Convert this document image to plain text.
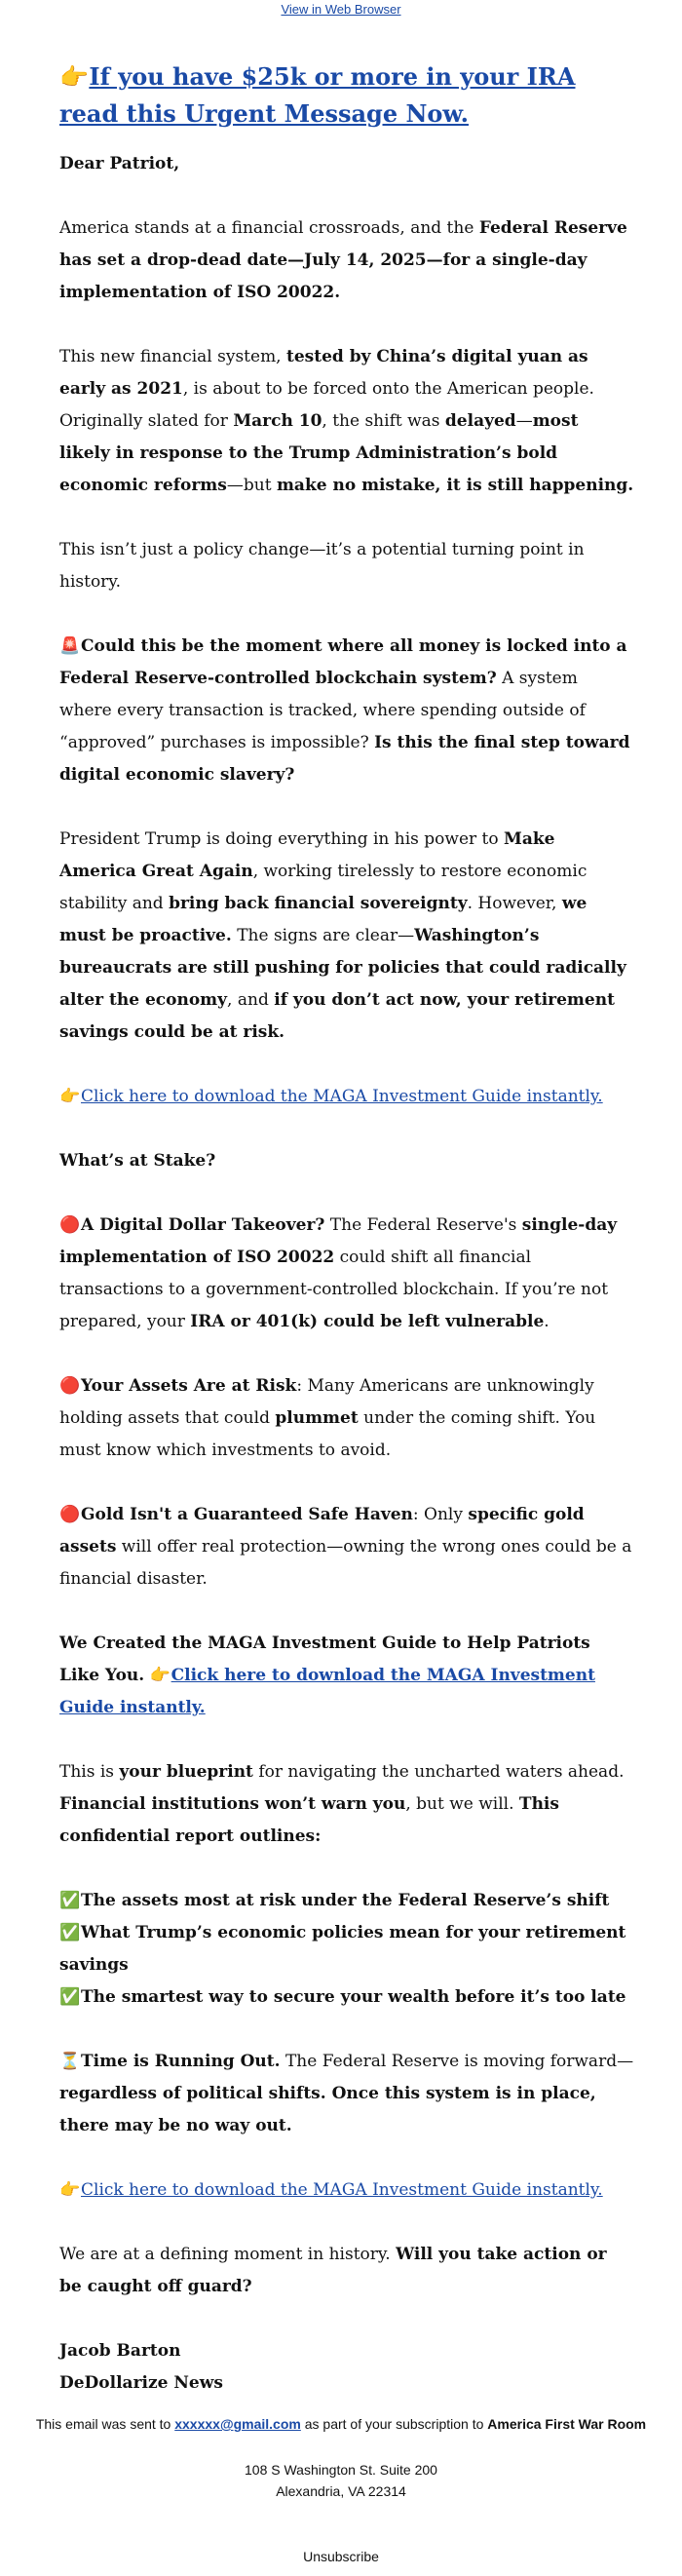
View in Web Browser
👉 If you have $25k or more in your IRA read this Urgent Message Now.

Dear Patriot,

America stands at a financial crossroads, and the Federal Reserve has set a drop-dead date—July 14, 2025—for a single-day implementation of ISO 20022.

This new financial system, tested by China’s digital yuan as early as 2021, is about to be forced onto the American people. Originally slated for March 10, the shift was delayed—most likely in response to the Trump Administration’s bold economic reforms—but make no mistake, it is still happening.

This isn’t just a policy change—it’s a potential turning point in history.

🚨Could this be the moment where all money is locked into a Federal Reserve-controlled blockchain system? A system where every transaction is tracked, where spending outside of “approved” purchases is impossible? Is this the final step toward digital economic slavery?

President Trump is doing everything in his power to Make America Great Again, working tirelessly to restore economic stability and bring back financial sovereignty. However, we must be proactive. The signs are clear—Washington’s bureaucrats are still pushing for policies that could radically alter the economy, and if you don’t act now, your retirement savings could be at risk.

👉Click here to download the MAGA Investment Guide instantly.

What’s at Stake?

🔴A Digital Dollar Takeover? The Federal Reserve's single-day implementation of ISO 20022 could shift all financial transactions to a government-controlled blockchain. If you’re not prepared, your IRA or 401(k) could be left vulnerable.

🔴Your Assets Are at Risk: Many Americans are unknowingly holding assets that could plummet under the coming shift. You must know which investments to avoid.

🔴Gold Isn't a Guaranteed Safe Haven: Only specific gold assets will offer real protection—owning the wrong ones could be a financial disaster.

We Created the MAGA Investment Guide to Help Patriots Like You. 👉Click here to download the MAGA Investment Guide instantly.

This is your blueprint for navigating the uncharted waters ahead. Financial institutions won’t warn you, but we will. This confidential report outlines:

✅The assets most at risk under the Federal Reserve’s shift

✅What Trump’s economic policies mean for your retirement savings

✅The smartest way to secure your wealth before it’s too late

⏳Time is Running Out. The Federal Reserve is moving forward—regardless of political shifts. Once this system is in place, there may be no way out.

👉Click here to download the MAGA Investment Guide instantly.

We are at a defining moment in history. Will you take action or be caught off guard?

Jacob Barton

DeDollarize News

This email was sent to xxxxxx@gmail.com as part of your subscription to America First War Room
108 S Washington St. Suite 200
Alexandria, VA 22314
Unsubscribe
